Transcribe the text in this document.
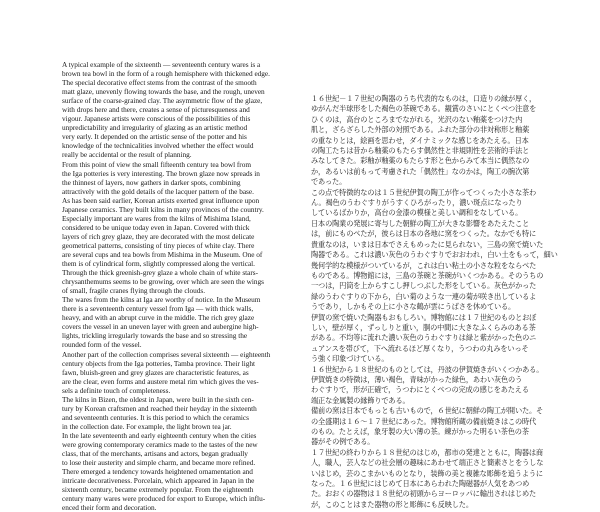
A typical example of the sixteenth — seventeenth century wares is a
brown tea bowl in the form of a rough hemisphere with thickened edge.
The special decorative effect stems from the contrast of the smooth
matt glaze, unevenly flowing towards the base, and the rough, uneven
surface of the coarse-grained clay. The asymmetric flow of the glaze,
with drops here and there, creates a sense of picturesqueness and
vigour. Japanese artists were conscious of the possibilities of this
unpredictability and irregularity of glazing as an artistic method
very early. It depended on the artistic sense of the potter and his
knowledge of the technicalities involved whether the effect would
really be accidental or the result of planning.
From this point of view the small fifteenth century tea bowl from
the Iga potteries is very interesting. The brown glaze now spreads in
the thinnest of layers, now gathers in darker spots, combining
attractively with the gold details of the lacquer pattern of the base.
As has been said earlier, Korean artists exerted great influence upon
Japanese ceramics. They built kilns in many provinces of the country.
Especially important are wares from the kilns of Mishima Island,
considered to be unique today even in Japan. Covered with thick
layers of rich grey glaze, they are decorated with the most delicate
geometrical patterns, consisting of tiny pieces of white clay. There
are several cups and tea bowls from Mishima in the Museum. One of
them is of cylindrical form, slightly compressed along the vertical.
Through the thick greenish-grey glaze a whole chain of white stars-
chrysanthemums seems to be growing, over which are seen the wings
of small, fragile cranes flying through the clouds.
The wares from the kilns at Iga are worthy of notice. In the Museum
there is a seventeenth century vessel from Iga — with thick walls,
heavy, and with an abrupt curve in the middle. The rich grey glaze
covers the vessel in an uneven layer with green and aubergine high-
lights, trickling irregularly towards the base and so stressing the
rounded form of the vessel.
Another part of the collection comprises several sixteenth — eighteenth
century objects from the Iga potteries, Tamba province. Their light
fawn, bluish-green and grey glazes are characteristic features, as
are the clear, even forms and austere metal rim which gives the ves-
sels a definite touch of completeness.
The kilns in Bizen, the oldest in Japan, were built in the sixth cen-
tury by Korean craftsmen and reached their heyday in the sixteenth
and seventeenth centuries. It is this period to which the ceramics
in the collection date. For example, the light brown tea jar.
In the late seventeenth and early eighteenth century when the cities
were growing contemporary ceramics made to the tastes of the new
class, that of the merchants, artisans and actors, began gradually
to lose their austerity and simple charm, and became more refined.
There emerged a tendency towards heightened ornamentation and
intricate decorativeness. Porcelain, which appeared in Japan in the
sixteenth century, became extremely popular. From the eighteenth
century many wares were produced for export to Europe, which influ-
enced their form and decoration.
１６世紀－１７世紀の陶器のうち代表的なものは，口造りの縁が厚く，
ゆがんだ半球形をした褐色の茶碗である。観賞のさいにとくべつ注意を
ひくのは，高台のところまでながれる，光沢のない釉薬をつけた内
肌と，ざらざらした外部の対照である。ふれた部分の非対称形と釉薬
の重なりとは，絵画を思わせ，ダイナミックな感じをあたえる。日本
の陶工たちは昔から釉薬のもたらす偶然性と非規則性を芸術的手法と
みなしてきた。彩釉が釉薬のもたらす形と色からみて本当に偶然なの
か，あるいは前もって考慮された「偶然性」なのかは，陶工の腕次第
であった。
この点で特徴的なのは１５世紀伊賀の陶工が作ってつくった小さな茶わ
ん。褐色のうわぐすりがうすくひろがったり，濃い斑点になったり
しているばかりか，高台の金漆の模様と美しい調和をなしている。
日本の陶業の発展に寄与した朝鮮の陶工が大きな影響をあたえたこと
は，前にものべたが，彼らは日本の各地に窯をつくった。なかでも特に
貴重なのは，いまは日本でさえもめったに見られない，三島の窯で焼いた
陶器である。これは濃い灰色のうわぐすりでおおわれ，白い土をもって，細い
幾何学的な模様がついているが，これは白い粘土の小さな粒をならべた
ものである。博物館には，三島の茶碗と茶碗がいくつかある。そのうちの
一つは，円筒を上からすこし押しつぶした形をしている。灰色がかった
緑のうわぐすりの下から，白い菊のような一連の菊が咲き出しているよ
うであり，しかもその上に小さな鶴が雲にうばさを休めている。
伊賀の窯で焼いた陶器もおもしろい。博物館には１７世紀のものとおぼ
しい，壁が厚く，ずっしりと重い，胴の中間に大きなふくらみのある茶
がある。不均等に流れた濃い灰色のうわぐすりは緑と紫がかった色のニ
ュアンスを帯びて，下へ流れるほど厚くなり，うつわの丸みをいっそ
う強く印象づけている。
１６世紀から１８世紀のものとしては，丹波の伊賀焼きがいくつかある。
伊賀焼きの特徴は，薄い褐色，青味がかった緑色，あわい灰色のう
わぐすりで，形が正確で，うつわにとくべつの完成の感じをあたえる
端正な金属製の縁飾りである。
備前の窯は日本でもっとも古いもので，６世紀に朝鮮の陶工が開いた。そ
の全盛期は１６～１７世紀にあった。博物館所蔵の備前焼きはこの時代
のもの。たとえば，象牙製の大い薄の茶。練がかった明るい茶色の茶
器がその例である。
１７世紀の終わりから１８世紀のはじめ，都市の発達とともに，陶器は商
人，職人，芸人などの社会層の趣味にあわせて端正さと簡素さとをうしな
いはじめ，芸のこまかいものとなり，装飾の美と複雑な彫飾を追うように
なった。１６世紀にはじめて日本にあらわれた陶磁器が人気をあつめ
た。おおくの器物は１８世紀の初頭からヨーロッパに輸出されはじめた
が，このことはまた器物の形と彫飾にも反映した。
